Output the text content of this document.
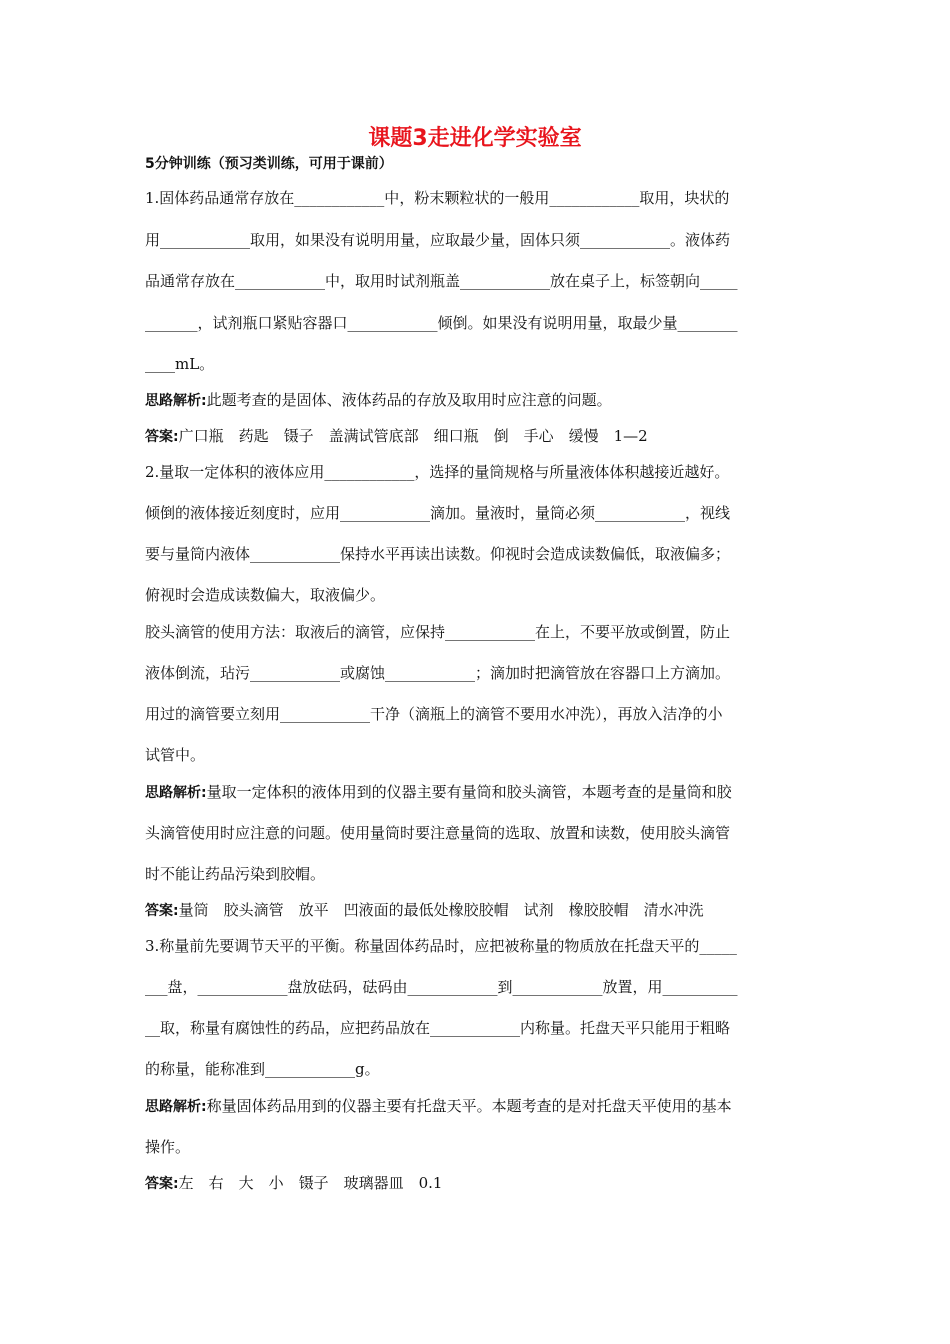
课题3走进化学实验室
5分钟训练（预习类训练，可用于课前）
1.固体药品通常存放在____________中，粉末颗粒状的一般用____________取用，块状的
用____________取用，如果没有说明用量，应取最少量，固体只须____________。液体药
品通常存放在____________中，取用时试剂瓶盖____________放在桌子上，标签朝向_____
_______，试剂瓶口紧贴容器口____________倾倒。如果没有说明用量，取最少量________
____mL。
思路解析:此题考查的是固体、液体药品的存放及取用时应注意的问题。
答案:广口瓶　药匙　镊子　盖满试管底部　细口瓶　倒　手心　缓慢　1—2
2.量取一定体积的液体应用____________，选择的量筒规格与所量液体体积越接近越好。
倾倒的液体接近刻度时，应用____________滴加。量液时，量筒必须____________，视线
要与量筒内液体____________保持水平再读出读数。仰视时会造成读数偏低，取液偏多；
俯视时会造成读数偏大，取液偏少。
胶头滴管的使用方法：取液后的滴管，应保持____________在上，不要平放或倒置，防止
液体倒流，玷污____________或腐蚀____________；滴加时把滴管放在容器口上方滴加。
用过的滴管要立刻用____________干净（滴瓶上的滴管不要用水冲洗），再放入洁净的小
试管中。
思路解析:量取一定体积的液体用到的仪器主要有量筒和胶头滴管，本题考查的是量筒和胶
头滴管使用时应注意的问题。使用量筒时要注意量筒的选取、放置和读数，使用胶头滴管
时不能让药品污染到胶帽。
答案:量筒　胶头滴管　放平　凹液面的最低处橡胶胶帽　试剂　橡胶胶帽　清水冲洗
3.称量前先要调节天平的平衡。称量固体药品时，应把被称量的物质放在托盘天平的_____
___盘，____________盘放砝码，砝码由____________到____________放置，用__________
__取，称量有腐蚀性的药品，应把药品放在____________内称量。托盘天平只能用于粗略
的称量，能称准到____________g。
思路解析:称量固体药品用到的仪器主要有托盘天平。本题考查的是对托盘天平使用的基本
操作。
答案:左　右　大　小　镊子　玻璃器皿　0.1
